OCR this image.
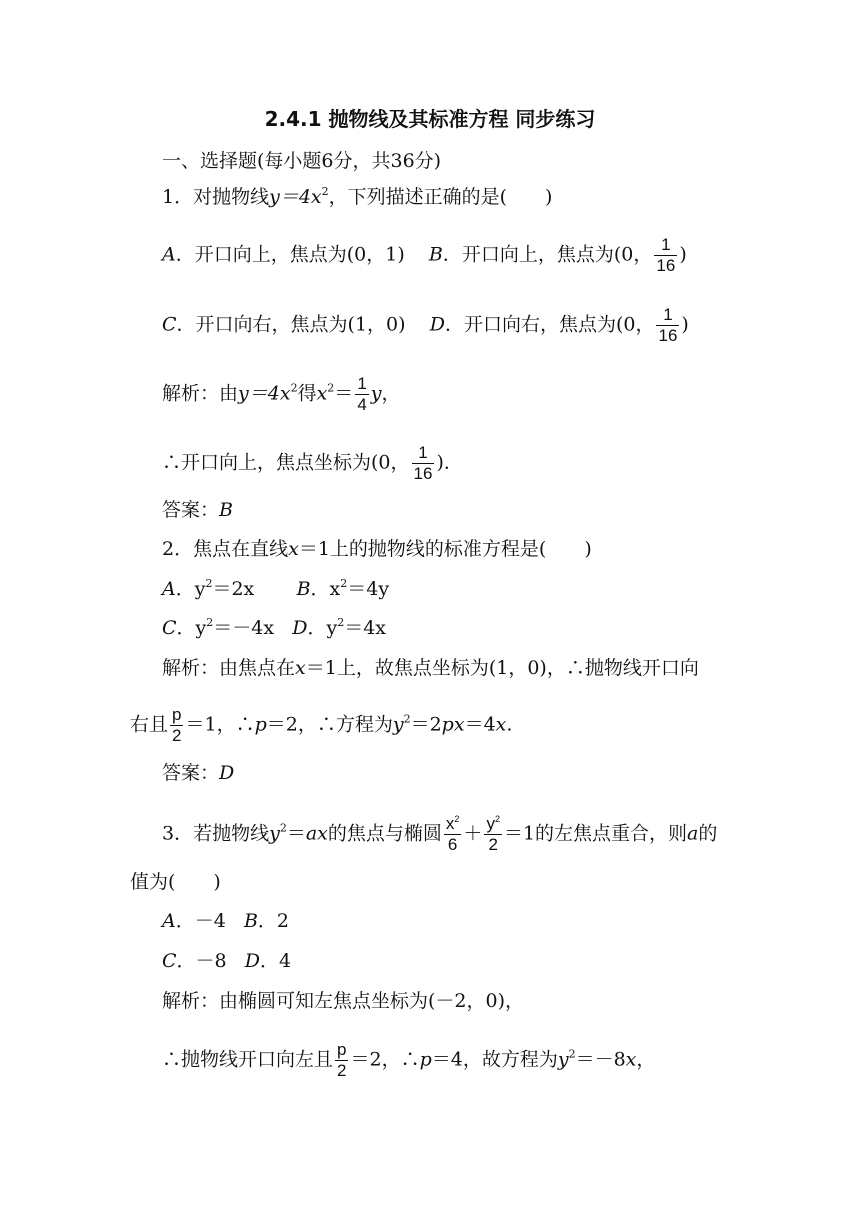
2.4.1 抛物线及其标准方程 同步练习
一、选择题(每小题6分，共36分)
1．对抛物线$y=4x^2$，下列描述正确的是(　　)
A．开口向上，焦点为(0，1) B．开口向上，焦点为(0， $\frac{1}{16}$ )
C．开口向右，焦点为(1，0) D．开口向右，焦点为(0， $\frac{1}{16}$ )
解析：由$y=4x^2$得$x^2= \frac{1}{4}$ y，
∴开口向上，焦点坐标为(0， $\frac{1}{16}$ )．
答案：B
2．焦点在直线x＝1上的抛物线的标准方程是(　　)
A．$y^2=2x$ B．$x^2=4y$
C．$y^2=-4x$ D．$y^2=4x$
解析：由焦点在x＝1上，故焦点坐标为(1，0)，∴抛物线开口向
右且 $\frac{p}{2} =1$，∴p＝2，∴方程为$y^2=2px=4x$.
答案：D
3．若抛物线$y^2=ax$的焦点与椭圆 $\frac{x^2}{6} + \frac{y^2}{2} =1$的左焦点重合，则a的
值为(　　)
A．－4 B．2
C．－8 D．4
解析：由椭圆可知左焦点坐标为(－2，0)，
∴抛物线开口向左且 $\frac{p}{2} =2$，∴p＝4，故方程为$y^2=-8x$，
